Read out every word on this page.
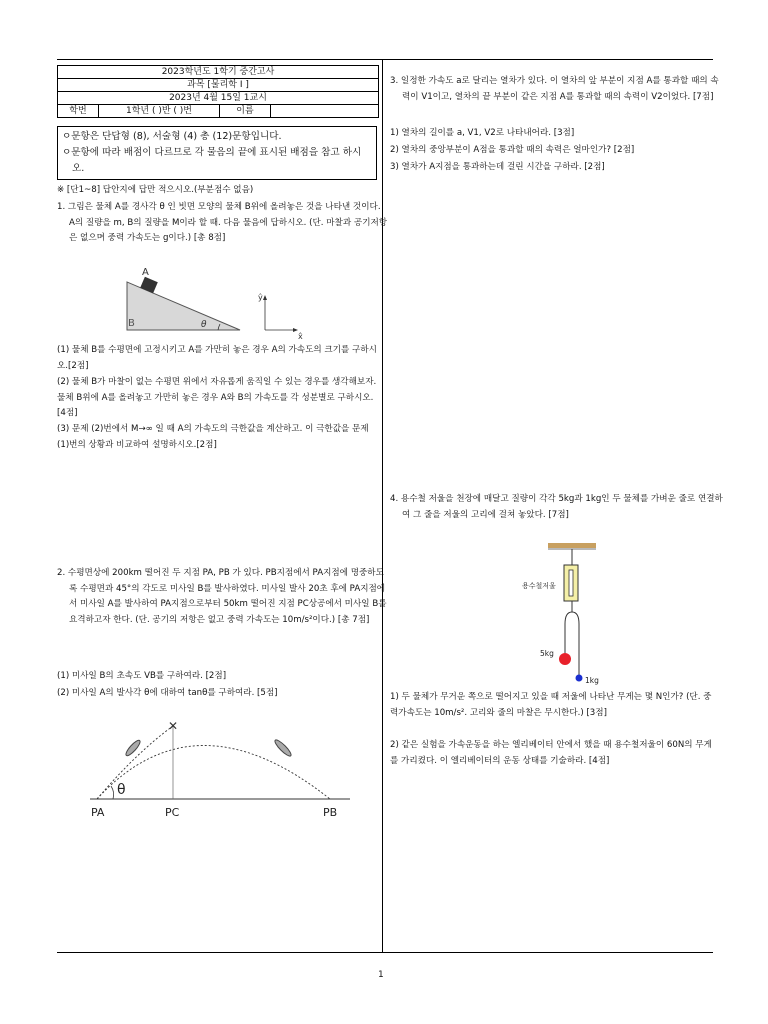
2023학년도 1학기 중간고사
과목 [물리학 I ]
2023년 4월 15일 1교시
학번	1학년 ( )반 ( )번	이름

ㅇ문항은 단답형 (8), 서술형 (4) 총 (12)문항입니다.

ㅇ문항에 따라 배점이 다르므로 각 물음의 끝에 표시된 배점을 참고 하시오.

※ [단1~8] 답안지에 답만 적으시오.(부분점수 없음)
1. 그림은 물체 A를 경사각 θ 인 빗면 모양의 물체 B위에 올려놓은 것을 나타낸 것이다. A의 질량을 m, B의 질량을 M이라 할 때. 다음 물음에 답하시오. (단. 마찰과 공기저항은 없으며 중력 가속도는 g이다.) [총 8점]
A
B	θ
ŷ
x̂
(1) 물체 B를 수평면에 고정시키고 A를 가만히 놓은 경우 A의 가속도의 크기를 구하시오.[2점]
(2) 물체 B가 마찰이 없는 수평면 위에서 자유롭게 움직일 수 있는 경우를 생각해보자. 물체 B위에 A를 올려놓고 가만히 놓은 경우 A와 B의 가속도를 각 성분별로 구하시오.[4점]
(3) 문제 (2)번에서 M→∞ 일 때 A의 가속도의 극한값을 계산하고. 이 극한값을 문제 (1)번의 상황과 비교하여 설명하시오.[2점]
2. 수평면상에 200km 떨어진 두 지점 PA, PB 가 있다. PB지점에서 PA지점에 명중하도록 수평면과 45°의 각도로 미사일 B를 발사하였다. 미사일 발사 20초 후에 PA지점에서 미사일 A를 발사하여 PA지점으로부터 50km 떨어진 지점 PC상공에서 미사일 B를 요격하고자 한다. (단. 공기의 저항은 없고 중력 가속도는 10m/s²이다.) [총 7점]
(1) 미사일 B의 초속도 VB를 구하여라. [2점]
(2) 미사일 A의 발사각 θ에 대하여 tanθ를 구하여라. [5점]
✕
θ
PA	PC	PB
3. 일정한 가속도 a로 달리는 열차가 있다. 이 열차의 앞 부분이 지점 A를 통과할 때의 속력이 V1이고, 열차의 끝 부분이 같은 지점 A를 통과할 때의 속력이 V2이었다. [7점]
1) 열차의 길이를 a, V1, V2로 나타내어라. [3점]
2) 열차의 중앙부분이 A점을 통과할 때의 속력은 얼마인가? [2점]
3) 열차가 A지점을 통과하는데 걸린 시간을 구하라. [2점]
4. 용수철 저울을 천장에 매달고 질량이 각각 5kg과 1kg인 두 물체를 가벼운 줄로 연결하여 그 줄을 저울의 고리에 걸쳐 놓았다. [7점]
용수철저울
5kg
1kg
1) 두 물체가 무거운 쪽으로 떨어지고 있을 때 저울에 나타난 무게는 몇 N인가? (단. 중력가속도는 10m/s². 고리와 줄의 마찰은 무시한다.) [3점]
2) 같은 실험을 가속운동을 하는 엘리베이터 안에서 했을 때 용수철저울이 60N의 무게를 가리켰다. 이 엘리베이터의 운동 상태를 기술하라. [4점]
1
